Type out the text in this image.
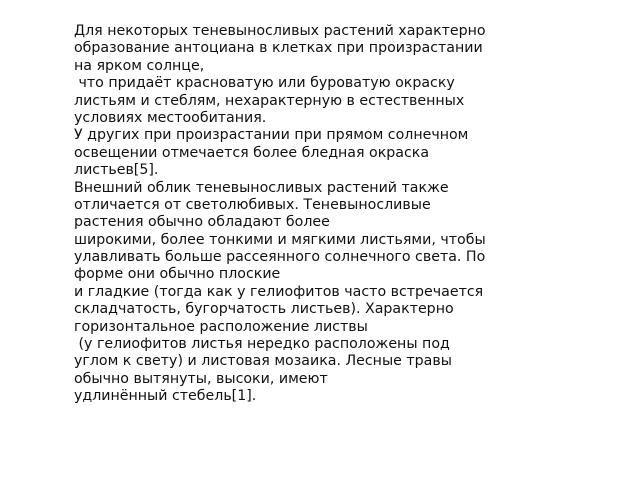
Для некоторых теневыносливых растений характерно
образование антоциана в клетках при произрастании
на ярком солнце,
что придаёт красноватую или буроватую окраску
листьям и стеблям, нехарактерную в естественных
условиях местообитания.
У других при произрастании при прямом солнечном
освещении отмечается более бледная окраска
листьев[5].
Внешний облик теневыносливых растений также
отличается от светолюбивых. Теневыносливые
растения обычно обладают более
широкими, более тонкими и мягкими листьями, чтобы
улавливать больше рассеянного солнечного света. По
форме они обычно плоские
и гладкие (тогда как у гелиофитов часто встречается
складчатость, бугорчатость листьев). Характерно
горизонтальное расположение листвы
(у гелиофитов листья нередко расположены под
углом к свету) и листовая мозаика. Лесные травы
обычно вытянуты, высоки, имеют
удлинённый стебель[1].
